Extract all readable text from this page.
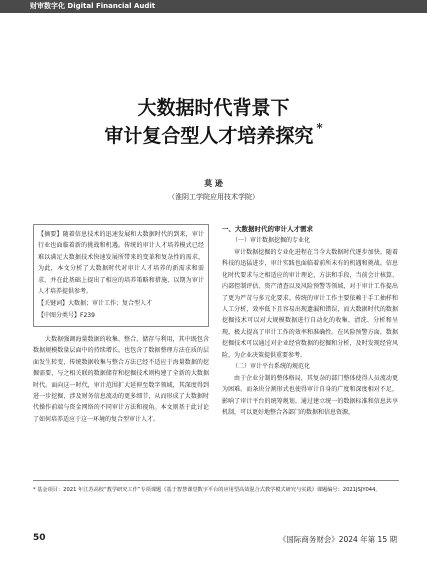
财审数字化 Digital Financial Audit
大数据时代背景下
审计复合型人才培养探究 *
莫 逊
（淮阴工学院应用技术学院）

【摘要】随着信息技术的迅速发展和大数据时代的到来，审计行业也面临着新的挑战和机遇。传统的审计人才培养模式已经难以满足大数据技术快速发展所带来的变革和复杂性的需求，为此，本文分析了大数据时代对审计人才培养的新需求和需求，并在此基础上提出了相应的培养策略和措施，以期为审计人才培养提供参考。

【关键词】大数据；审计工作；复合型人才

【中图分类号】F239

大数据强调海量数据的收集、整合、储存与利用，其中既包含数据规模数量层面中的持续增长，也包含了数据整理方法在质的层面发生转变，传统数据收集与整合方法已经不适应于海量数据的挖掘需要，与之相关联的数据储存和挖掘技术则构建了全新的大数据时代。面向这一时代，审计范围扩大延伸至数字领域，其深度得到进一步挖掘，涉及财务信息流动的更多细节，从而形成了大数据时代操作前端与资金网络的不同审计方法和视角。本文则基于此讨论了如何培养适应于这一环境的复合型审计人才。

一、大数据时代的审计人才需求

（一）审计数据挖掘的专业化

审计数据挖掘的专业化进程在当今大数据时代逐步加快。随着科技的迅猛进步，审计实践也面临着前所未有的机遇和挑战。信息化时代要求与之相适应的审计理论、方法和手段，当前会计核算、内部控制评估、资产清查以及风险预警等领域，对于审计工作提出了更为严苛与多元化要求。传统的审计工作主要依赖于手工抽样和人工分析，效率低下且容易出现遗漏和错误，而大数据时代的数据挖掘技术可以对大规模数据进行自动化的收集、清洗、分析和呈现，极大提高了审计工作的效率和准确性。在风险预警方面，数据挖掘技术可以通过对企业经营数据的挖掘和分析，及时发现经营风险，为企业决策提供重要参考。

（二）审计平台系统的规范化

由于企业分制的整体格局，其复杂的部门整体使得人员流动更为困难。而条块分割形式也使得审计自身的广度和深度相对不足，影响了审计平台的统筹规划。通过建立统一的数据标准和信息共享机制，可以更好地整合各部门的数据和信息资源，

* 基金项目：2021 年江苏高校“教学研究工作”专项课题《基于智慧课堂数字平台的应用型高效混合式教学模式研究与实践》课题编号：2021JSJY044。
50	《国际商务财会》2024 年第 15 期
